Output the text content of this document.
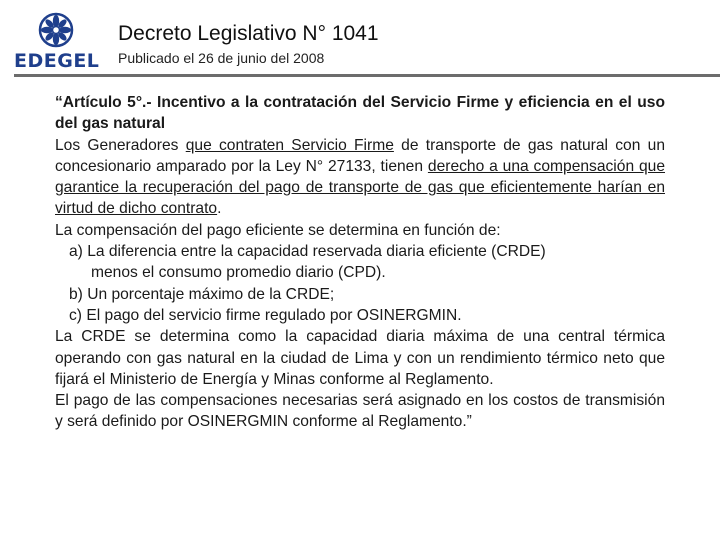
EDEGEL
Decreto Legislativo N° 1041
Publicado el 26 de junio del 2008

“Artículo 5°.- Incentivo a la contratación del Servicio Firme y eficiencia en el uso del gas natural

Los Generadores que contraten Servicio Firme de transporte de gas natural con un concesionario amparado por la Ley N° 27133, tienen derecho a una compensación que garantice la recuperación del pago de transporte de gas que eficientemente harían en virtud de dicho contrato.

La compensación del pago eficiente se determina en función de:

a) La diferencia entre la capacidad reservada diaria eficiente (CRDE)
menos el consumo promedio diario (CPD).

b) Un porcentaje máximo de la CRDE;

c) El pago del servicio firme regulado por OSINERGMIN.

La CRDE se determina como la capacidad diaria máxima de una central térmica operando con gas natural en la ciudad de Lima y con un rendimiento térmico neto que fijará el Ministerio de Energía y Minas conforme al Reglamento.

El pago de las compensaciones necesarias será asignado en los costos de transmisión y será definido por OSINERGMIN conforme al Reglamento.”
